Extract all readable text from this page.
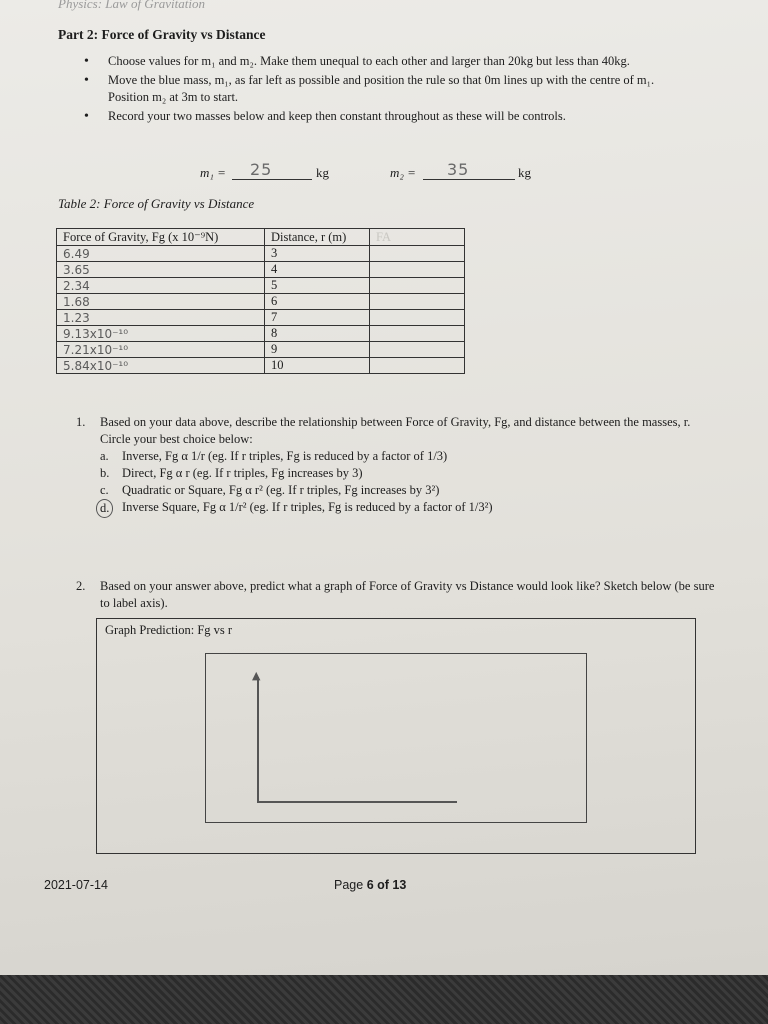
Physics: Law of Gravitation
Part 2: Force of Gravity vs Distance
• Choose values for m₁ and m₂. Make them unequal to each other and larger than 20kg but less than 40kg.
• Move the blue mass, m₁, as far left as possible and position the rule so that 0m lines up with the centre of m₁. Position m₂ at 3m to start.
• Record your two masses below and keep then constant throughout as these will be controls.
m₁ = 25	kg	m₂ = 35	kg
Table 2: Force of Gravity vs Distance
Force of Gravity, Fg (x 10⁻⁹N)	Distance, r (m)	FA
6.49	3	
3.65	4	
2.34	5	
1.68	6	
1.23	7	
9.13x10⁻¹⁰	8	
7.21x10⁻¹⁰	9	
5.84x10⁻¹⁰	10	
1. Based on your data above, describe the relationship between Force of Gravity, Fg, and distance between the masses, r. Circle your best choice below:
a. Inverse, Fg α 1/r (eg. If r triples, Fg is reduced by a factor of 1/3)
b. Direct, Fg α r (eg. If r triples, Fg increases by 3)
c. Quadratic or Square, Fg α r² (eg. If r triples, Fg increases by 3²)
d.	Inverse Square, Fg α 1/r² (eg. If r triples, Fg is reduced by a factor of 1/3²)
2. Based on your answer above, predict what a graph of Force of Gravity vs Distance would look like? Sketch below (be sure to label axis).
Graph Prediction: Fg vs r
▲
2021-07-14	Page 6 of 13
